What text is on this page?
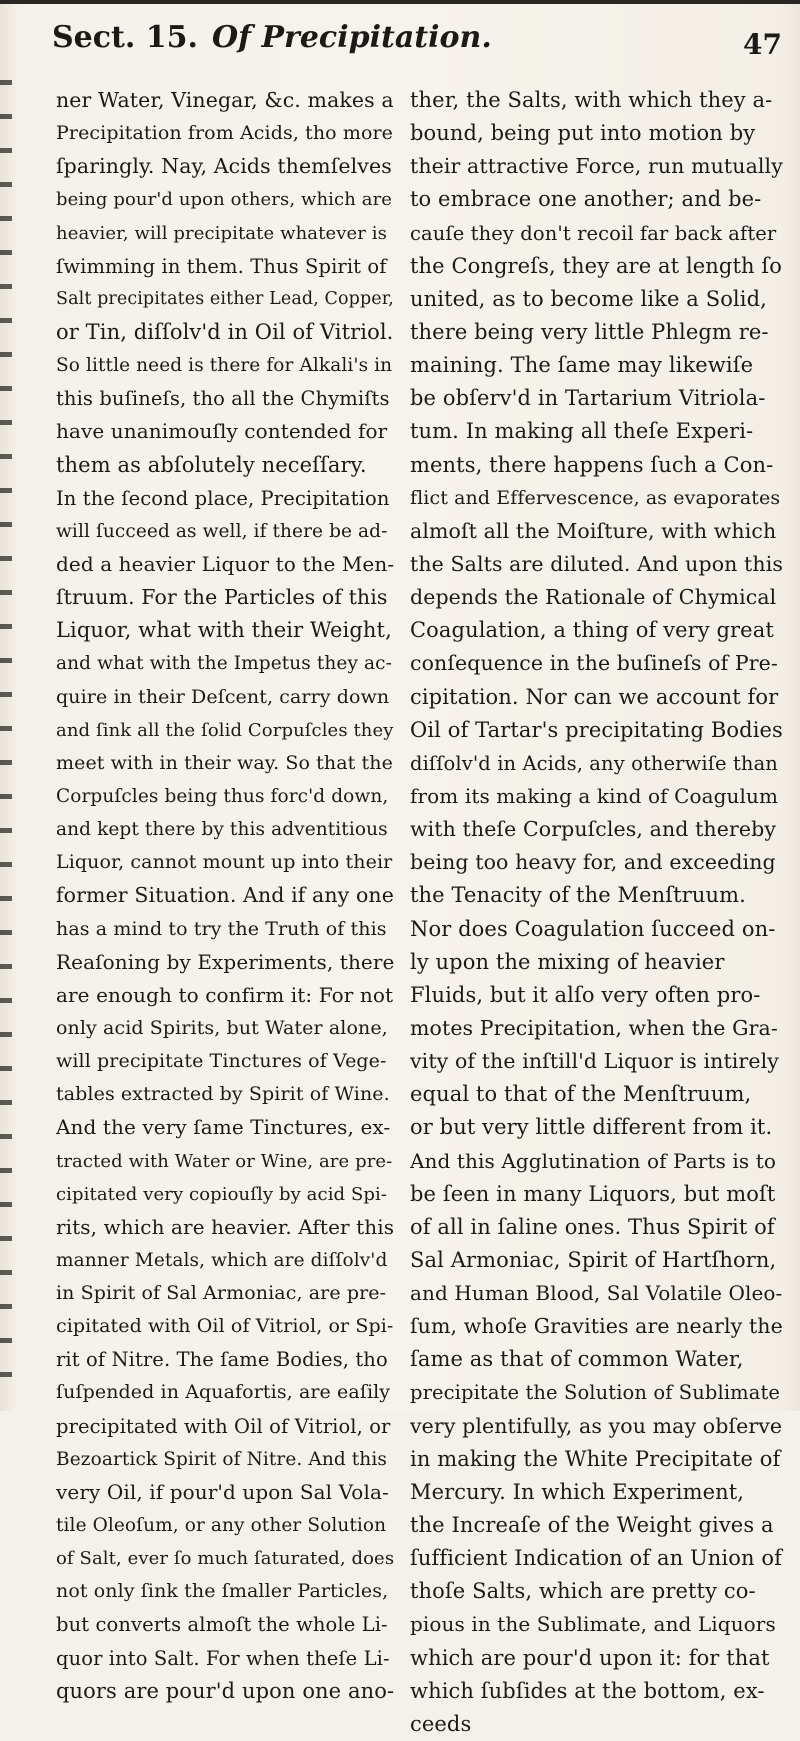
Sect. 15. Of Precipitation.	47
ner Water, Vinegar, &c. makes a
Precipitation from Acids, tho more
ſparingly. Nay, Acids themſelves
being pour'd upon others, which are
heavier, will precipitate whatever is
ſwimming in them. Thus Spirit of
Salt precipitates either Lead, Copper,
or Tin, diſſolv'd in Oil of Vitriol.
So little need is there for Alkali's in
this buſineſs, tho all the Chymiſts
have unanimouſly contended for
them as abſolutely neceſſary.
In the ſecond place, Precipitation
will ſucceed as well, if there be ad-
ded a heavier Liquor to the Men-
ſtruum. For the Particles of this
Liquor, what with their Weight,
and what with the Impetus they ac-
quire in their Deſcent, carry down
and ſink all the ſolid Corpuſcles they
meet with in their way. So that the
Corpuſcles being thus forc'd down,
and kept there by this adventitious
Liquor, cannot mount up into their
former Situation. And if any one
has a mind to try the Truth of this
Reaſoning by Experiments, there
are enough to confirm it: For not
only acid Spirits, but Water alone,
will precipitate Tinctures of Vege-
tables extracted by Spirit of Wine.
And the very ſame Tinctures, ex-
tracted with Water or Wine, are pre-
cipitated very copiouſly by acid Spi-
rits, which are heavier. After this
manner Metals, which are diſſolv'd
in Spirit of Sal Armoniac, are pre-
cipitated with Oil of Vitriol, or Spi-
rit of Nitre. The ſame Bodies, tho
ſuſpended in Aquafortis, are eaſily
precipitated with Oil of Vitriol, or
Bezoartick Spirit of Nitre. And this
very Oil, if pour'd upon Sal Vola-
tile Oleoſum, or any other Solution
of Salt, ever ſo much ſaturated, does
not only ſink the ſmaller Particles,
but converts almoſt the whole Li-
quor into Salt. For when theſe Li-
quors are pour'd upon one ano-
ther, the Salts, with which they a-
bound, being put into motion by
their attractive Force, run mutually
to embrace one another; and be-
cauſe they don't recoil far back after
the Congreſs, they are at length ſo
united, as to become like a Solid,
there being very little Phlegm re-
maining. The ſame may likewiſe
be obſerv'd in Tartarium Vitriola-
tum. In making all theſe Experi-
ments, there happens ſuch a Con-
flict and Effervescence, as evaporates
almoſt all the Moiſture, with which
the Salts are diluted. And upon this
depends the Rationale of Chymical
Coagulation, a thing of very great
conſequence in the buſineſs of Pre-
cipitation. Nor can we account for
Oil of Tartar's precipitating Bodies
diſſolv'd in Acids, any otherwiſe than
from its making a kind of Coagulum
with theſe Corpuſcles, and thereby
being too heavy for, and exceeding
the Tenacity of the Menſtruum.
Nor does Coagulation ſucceed on-
ly upon the mixing of heavier
Fluids, but it alſo very often pro-
motes Precipitation, when the Gra-
vity of the inſtill'd Liquor is intirely
equal to that of the Menſtruum,
or but very little different from it.
And this Agglutination of Parts is to
be ſeen in many Liquors, but moſt
of all in ſaline ones. Thus Spirit of
Sal Armoniac, Spirit of Hartſhorn,
and Human Blood, Sal Volatile Oleo-
ſum, whoſe Gravities are nearly the
ſame as that of common Water,
precipitate the Solution of Sublimate
very plentifully, as you may obſerve
in making the White Precipitate of
Mercury. In which Experiment,
the Increaſe of the Weight gives a
ſufficient Indication of an Union of
thoſe Salts, which are pretty co-
pious in the Sublimate, and Liquors
which are pour'd upon it: for that
which ſubſides at the bottom, ex-
ceeds
